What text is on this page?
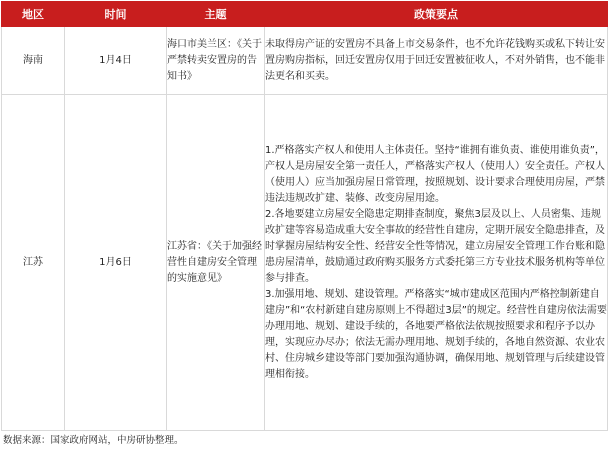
地区	时间	主题	政策要点
海南	1月4日	海口市美兰区：《关于严禁转卖安置房的告知书》	未取得房产证的安置房不具备上市交易条件，也不允许花钱购买或私下转让安置房购房指标，回迁安置房仅用于回迁安置被征收人，不对外销售，也不能非法更名和买卖。

江苏	1月6日	江苏省：《关于加强经营性自建房安全管理的实施意见》	1.严格落实产权人和使用人主体责任。坚持“谁拥有谁负责、谁使用谁负责”，产权人是房屋安全第一责任人，严格落实产权人（使用人）安全责任。产权人（使用人）应当加强房屋日常管理，按照规划、设计要求合理使用房屋，严禁违法违规改扩建、装修、改变房屋用途。

2.各地要建立房屋安全隐患定期排查制度，聚焦3层及以上、人员密集、违规改扩建等容易造成重大安全事故的经营性自建房，定期开展安全隐患排查，及时掌握房屋结构安全性、经营安全性等情况，建立房屋安全管理工作台账和隐患房屋清单，鼓励通过政府购买服务方式委托第三方专业技术服务机构等单位参与排查。

3.加强用地、规划、建设管理。严格落实“城市建成区范围内严格控制新建自建房”和“农村新建自建房原则上不得超过3层”的规定。经营性自建房依法需要办理用地、规划、建设手续的，各地要严格依法依规按照要求和程序予以办理，实现应办尽办；依法无需办理用地、规划手续的，各地自然资源、农业农村、住房城乡建设等部门要加强沟通协调，确保用地、规划管理与后续建设管理相衔接。

数据来源：国家政府网站，中房研协整理。
